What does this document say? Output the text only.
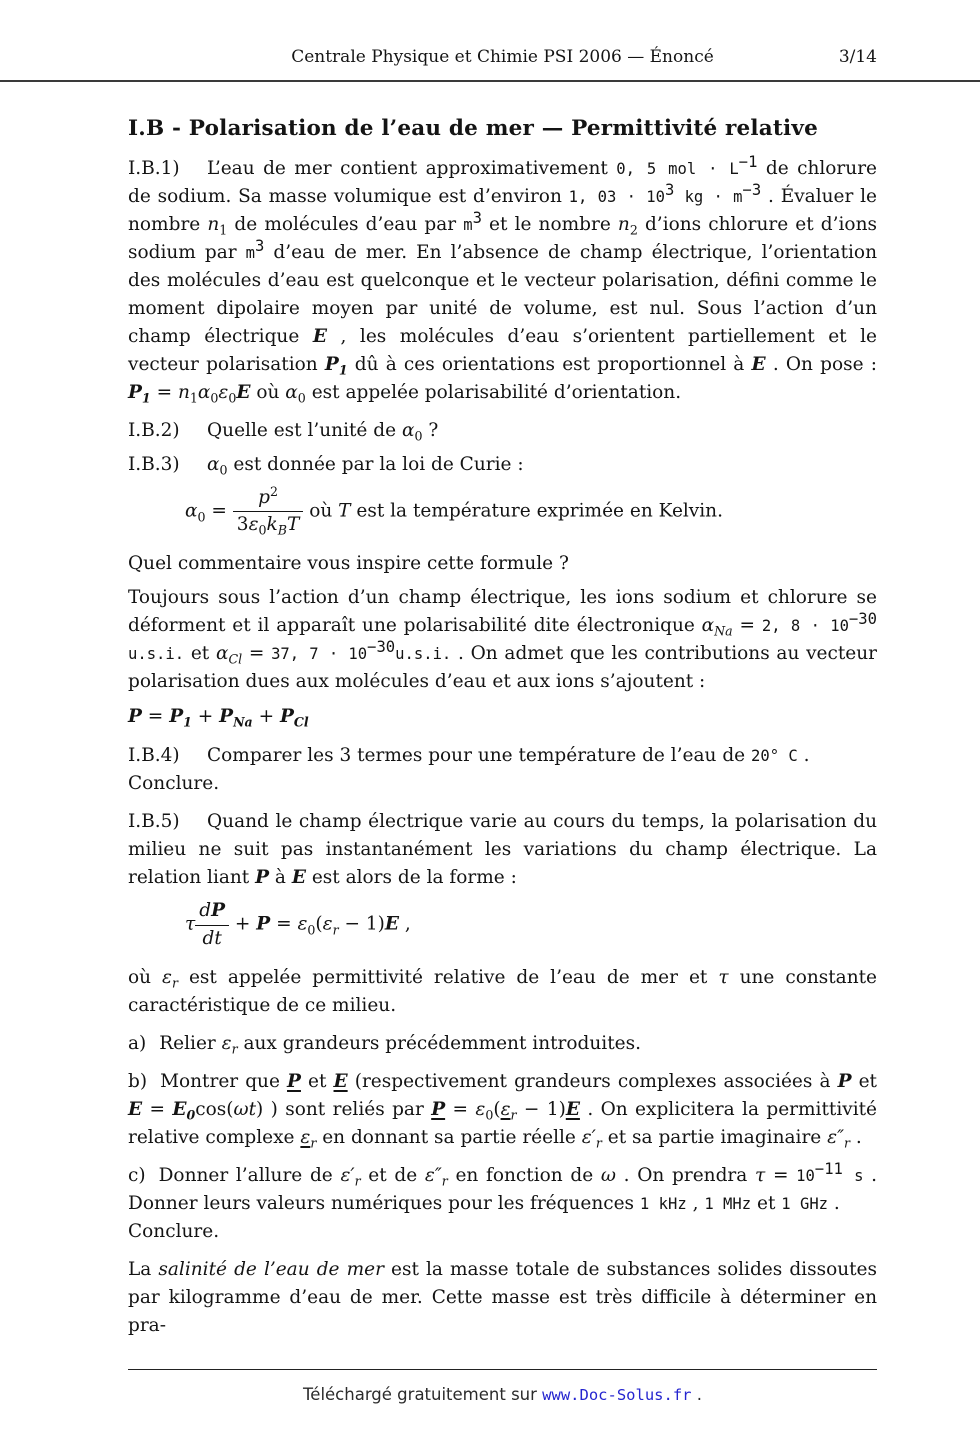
Centrale Physique et Chimie PSI 2006 — Énoncé	3/14
I.B - Polarisation de l’eau de mer — Permittivité relative

I.B.1) L’eau de mer contient approximativement 0, 5 mol · $L^{-1}$ de chlorure de sodium. Sa masse volumique est d’environ 1, $03 \cdot 10^3$ kg · $m^{-3}$ . Évaluer le nombre $n_1$ de molécules d’eau par $m^3$ et le nombre $n_2$ d’ions chlorure et d’ions sodium par $m^3$ d’eau de mer. En l’absence de champ électrique, l’orientation des molécules d’eau est quelconque et le vecteur polarisation, défini comme le moment dipolaire moyen par unité de volume, est nul. Sous l’action d’un champ électrique E , les molécules d’eau s’orientent partiellement et le vecteur polarisation $P_1$ dû à ces orientations est proportionnel à E . On pose : $P_1 = n_1\alpha_0\varepsilon_0E$ où $\alpha_0$ est appelée polarisabilité d’orientation.

I.B.2) Quelle est l’unité de $\alpha_0$ ?

I.B.3) $\alpha_0$ est donnée par la loi de Curie :

$\alpha_0 = \frac{p^2}{3\varepsilon_0k_BT}$ où T est la température exprimée en Kelvin.

Quel commentaire vous inspire cette formule ?

Toujours sous l’action d’un champ électrique, les ions sodium et chlorure se déforment et il apparaît une polarisabilité dite électronique $\alpha_{Na} = 2$, $8 \cdot 10^{-30}$ u.s.i. et $\alpha_{Cl} = 37$, $7 \cdot 10^{-30}u.s.i$. . On admet que les contributions au vecteur polarisation dues aux molécules d’eau et aux ions s’ajoutent :

$P = P_1 + P_{Na} + P_{Cl}$

I.B.4) Comparer les 3 termes pour une température de l’eau de 20° C .
Conclure.

I.B.5) Quand le champ électrique varie au cours du temps, la polarisation du milieu ne suit pas instantanément les variations du champ électrique. La relation liant P à E est alors de la forme :

τ $\frac{dP}{dt} + P = \varepsilon_0(\varepsilon_r - 1)E$ ,

où $\varepsilon_r$ est appelée permittivité relative de l’eau de mer et τ une constante caractéristique de ce milieu.

a) Relier $\varepsilon_r$ aux grandeurs précédemment introduites.

b) Montrer que P et E (respectivement grandeurs complexes associées à P et $E = E_0\cos(\omega t)$ ) sont reliés par $P = \varepsilon_0(\varepsilon_r - 1)E$ . On explicitera la permittivité relative complexe $\varepsilon_r$ en donnant sa partie réelle $\varepsilon'_r$ et sa partie imaginaire $\varepsilon''_r$ .

c) Donner l’allure de $\varepsilon'_r$ et de $\varepsilon''_r$ en fonction de ω . On prendra $\tau = 10^{-11}$ s . Donner leurs valeurs numériques pour les fréquences 1 kHz , 1 MHz et 1 GHz .
Conclure.

La salinité de l’eau de mer est la masse totale de substances solides dissoutes par kilogramme d’eau de mer. Cette masse est très difficile à déterminer en pra-

Téléchargé gratuitement sur www.Doc-Solus.fr .
